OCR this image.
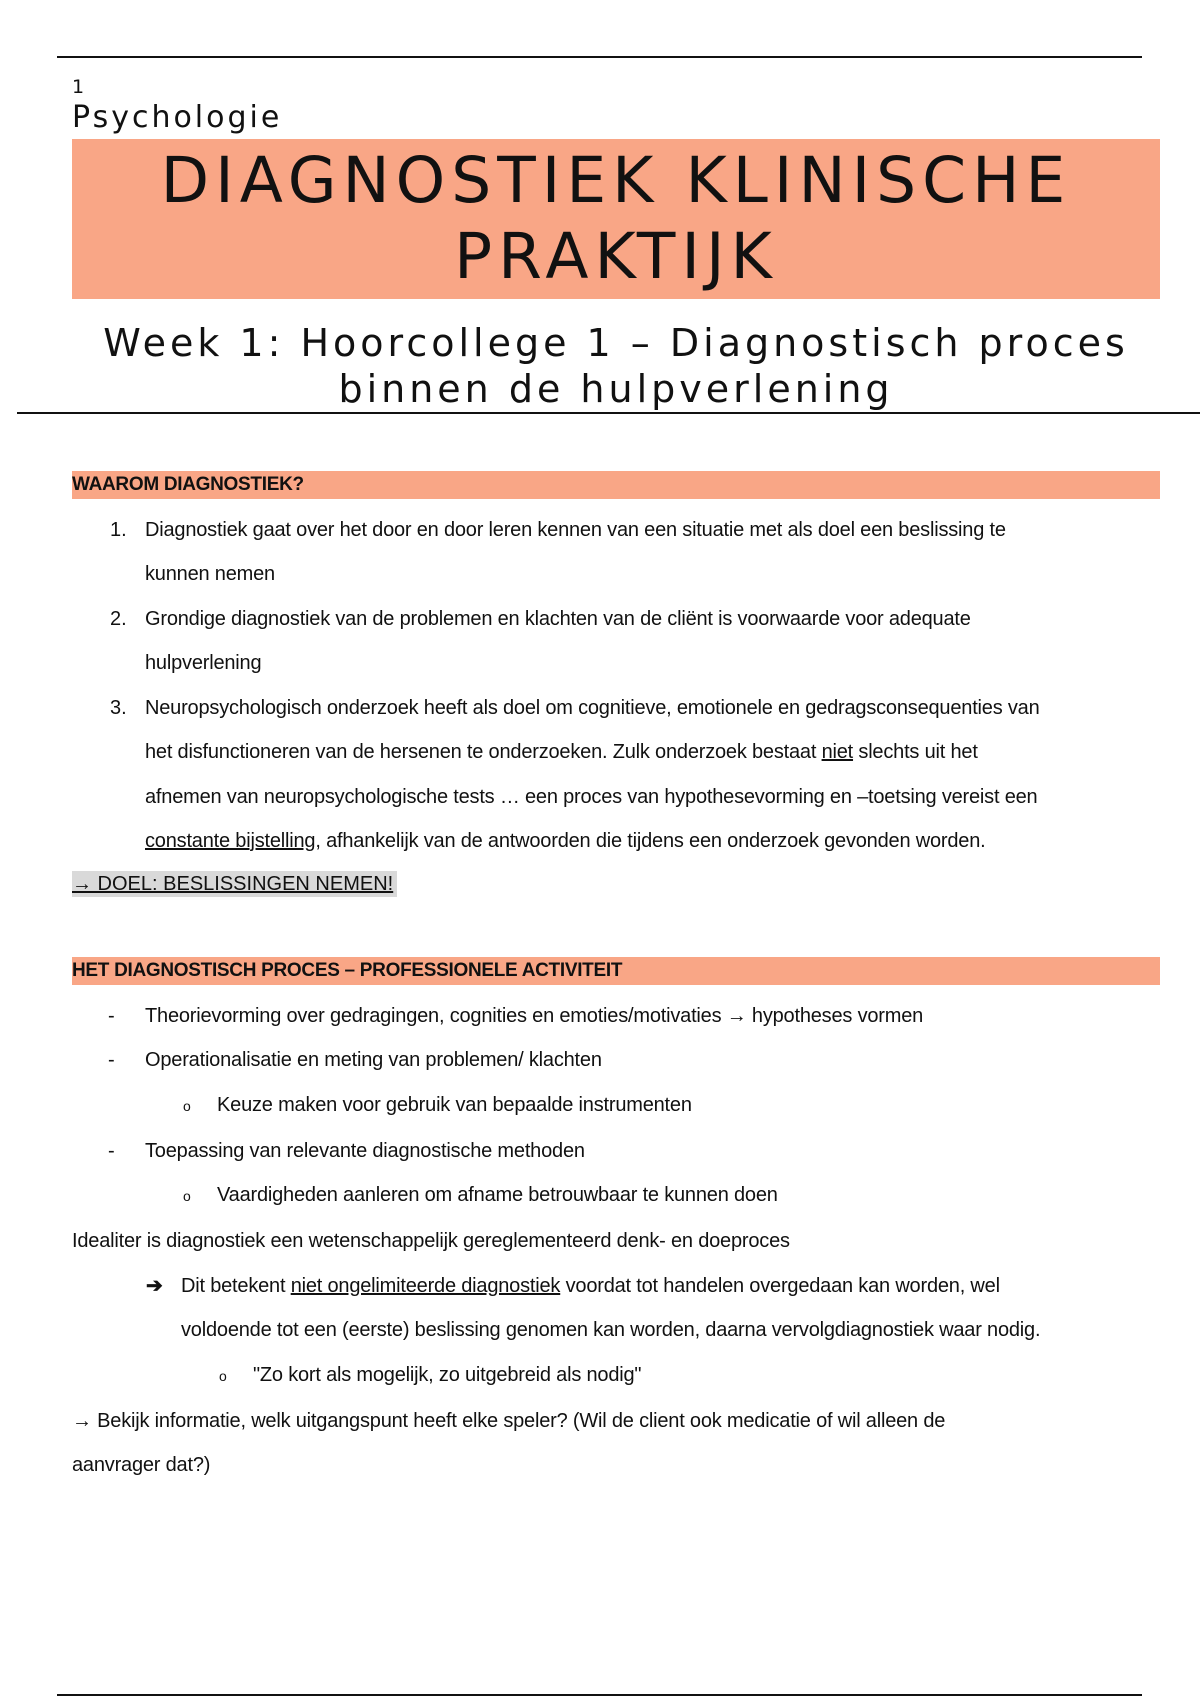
1
Psychologie
DIAGNOSTIEK KLINISCHE PRAKTIJK
Week 1: Hoorcollege 1 – Diagnostisch proces binnen de hulpverlening
WAAROM DIAGNOSTIEK?
1. Diagnostiek gaat over het door en door leren kennen van een situatie met als doel een beslissing te
kunnen nemen
2. Grondige diagnostiek van de problemen en klachten van de cliënt is voorwaarde voor adequate
hulpverlening
3. Neuropsychologisch onderzoek heeft als doel om cognitieve, emotionele en gedragsconsequenties van
het disfunctioneren van de hersenen te onderzoeken. Zulk onderzoek bestaat niet slechts uit het
afnemen van neuropsychologische tests … een proces van hypothesevorming en –toetsing vereist een
constante bijstelling, afhankelijk van de antwoorden die tijdens een onderzoek gevonden worden.
→ DOEL: BESLISSINGEN NEMEN!
HET DIAGNOSTISCH PROCES – PROFESSIONELE ACTIVITEIT
- Theorievorming over gedragingen, cognities en emoties/motivaties → hypotheses vormen
- Operationalisatie en meting van problemen/ klachten
o Keuze maken voor gebruik van bepaalde instrumenten
- Toepassing van relevante diagnostische methoden
o Vaardigheden aanleren om afname betrouwbaar te kunnen doen
Idealiter is diagnostiek een wetenschappelijk gereglementeerd denk- en doeproces
➔ Dit betekent niet ongelimiteerde diagnostiek voordat tot handelen overgedaan kan worden, wel
voldoende tot een (eerste) beslissing genomen kan worden, daarna vervolgdiagnostiek waar nodig.
o "Zo kort als mogelijk, zo uitgebreid als nodig"
→ Bekijk informatie, welk uitgangspunt heeft elke speler? (Wil de client ook medicatie of wil alleen de
aanvrager dat?)
